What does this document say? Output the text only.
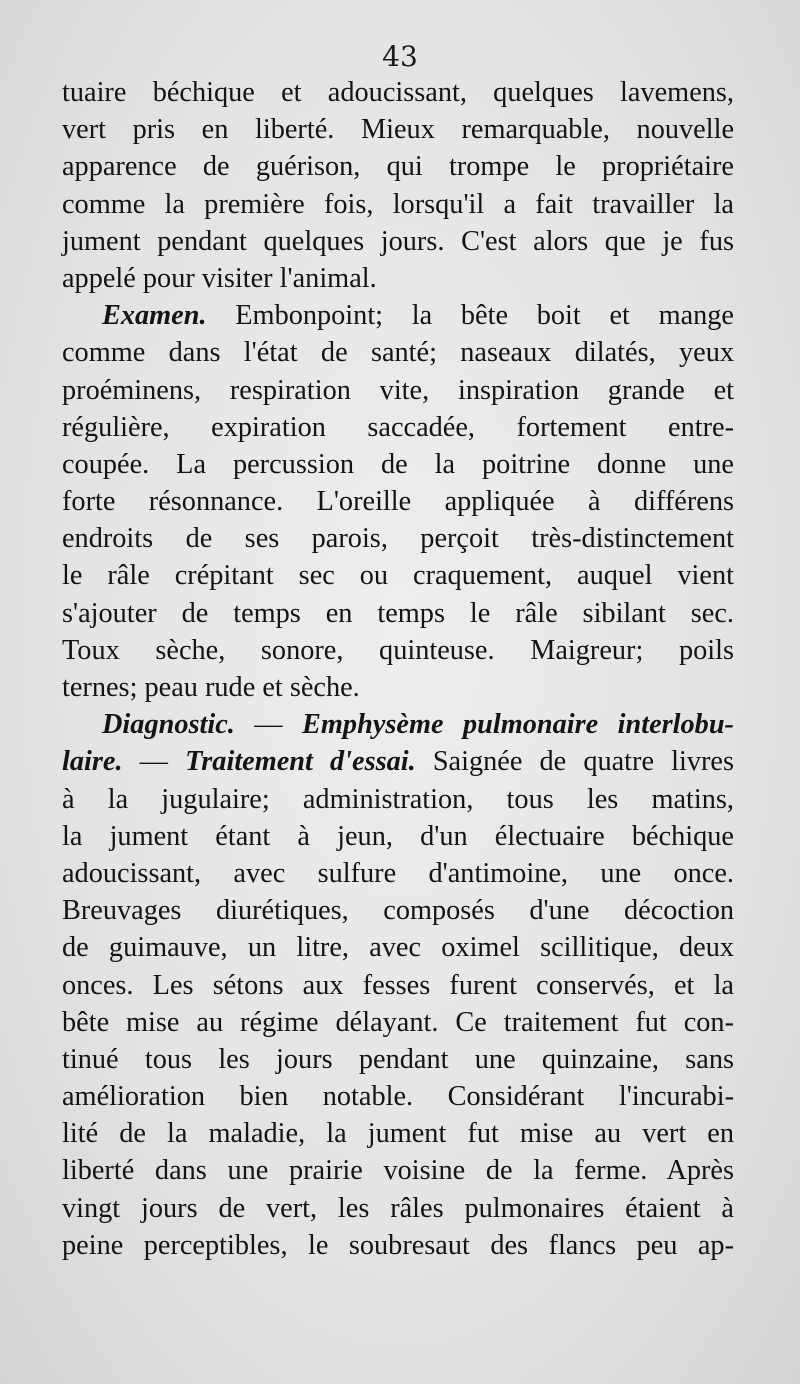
43
tuaire béchique et adoucissant, quelques lavemens,
vert pris en liberté. Mieux remarquable, nouvelle
apparence de guérison, qui trompe le propriétaire
comme la première fois, lorsqu'il a fait travailler la
jument pendant quelques jours. C'est alors que je fus
appelé pour visiter l'animal.
Examen. Embonpoint; la bête boit et mange
comme dans l'état de santé; naseaux dilatés, yeux
proéminens, respiration vite, inspiration grande et
régulière, expiration saccadée, fortement entre-
coupée. La percussion de la poitrine donne une
forte résonnance. L'oreille appliquée à différens
endroits de ses parois, perçoit très-distinctement
le râle crépitant sec ou craquement, auquel vient
s'ajouter de temps en temps le râle sibilant sec.
Toux sèche, sonore, quinteuse. Maigreur; poils
ternes; peau rude et sèche.
Diagnostic. — Emphysème pulmonaire interlobu-
laire. — Traitement d'essai. Saignée de quatre livres
à la jugulaire; administration, tous les matins,
la jument étant à jeun, d'un électuaire béchique
adoucissant, avec sulfure d'antimoine, une once.
Breuvages diurétiques, composés d'une décoction
de guimauve, un litre, avec oximel scillitique, deux
onces. Les sétons aux fesses furent conservés, et la
bête mise au régime délayant. Ce traitement fut con-
tinué tous les jours pendant une quinzaine, sans
amélioration bien notable. Considérant l'incurabi-
lité de la maladie, la jument fut mise au vert en
liberté dans une prairie voisine de la ferme. Après
vingt jours de vert, les râles pulmonaires étaient à
peine perceptibles, le soubresaut des flancs peu ap-
